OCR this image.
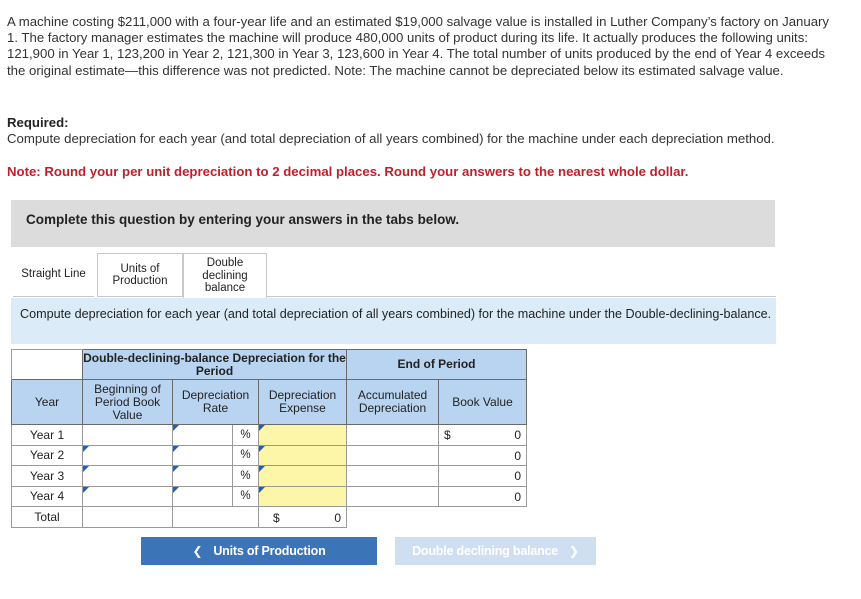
A machine costing $211,000 with a four-year life and an estimated $19,000 salvage value is installed in Luther Company’s factory on January 1. The factory manager estimates the machine will produce 480,000 units of product during its life. It actually produces the following units: 121,900 in Year 1, 123,200 in Year 2, 121,300 in Year 3, 123,600 in Year 4. The total number of units produced by the end of Year 4 exceeds the original estimate—this difference was not predicted. Note: The machine cannot be depreciated below its estimated salvage value.
Required:
Compute depreciation for each year (and total depreciation of all years combined) for the machine under each depreciation method.
Note: Round your per unit depreciation to 2 decimal places. Round your answers to the nearest whole dollar.
Complete this question by entering your answers in the tabs below.
Straight Line	Units of Production
Double declining balance
Compute depreciation for each year (and total depreciation of all years combined) for the machine under the Double-declining-balance.
	Double-declining-balance Depreciation for the Period				End of Period	
Year	Beginning of Period Book Value	Depreciation Rate		Depreciation Expense	Accumulated Depreciation	Book Value
Year 1			%			$ 0

Year 2			%			0

Year 3			%			0

Year 4			%			0

Total				$ 0		

❮ Units of Production	Double declining balance ❯
